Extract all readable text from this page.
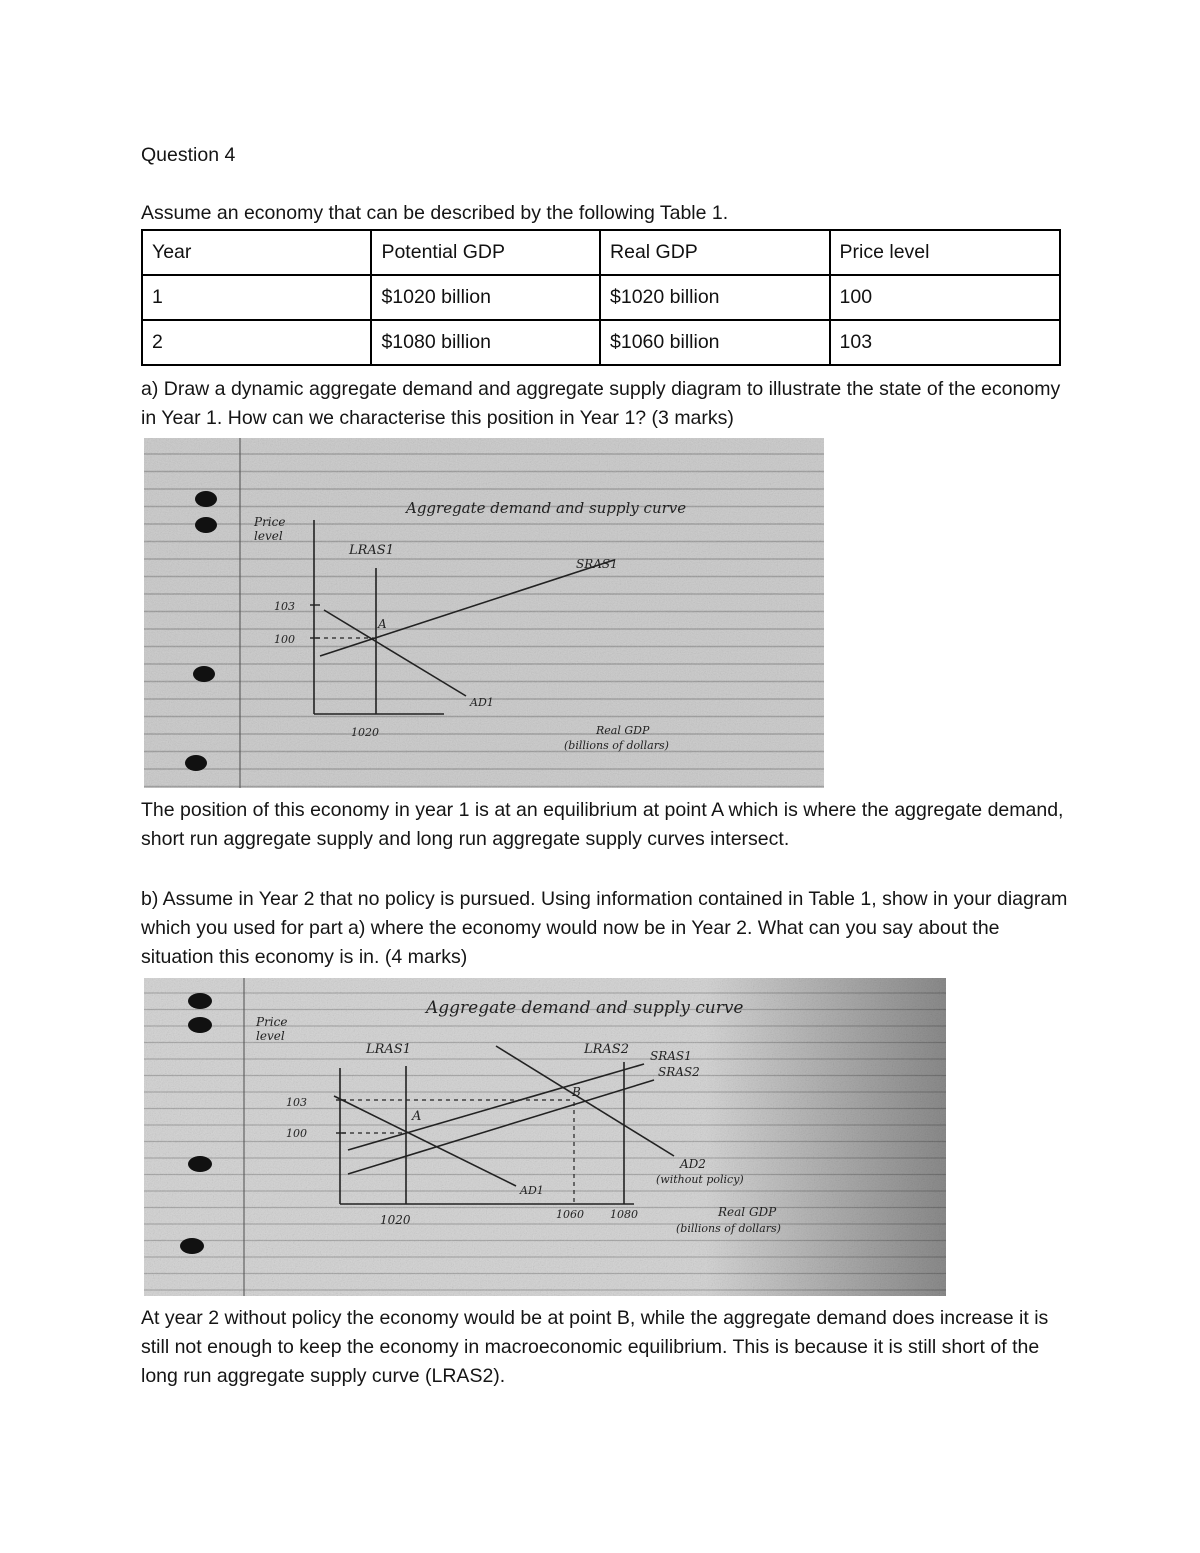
Question 4
Assume an economy that can be described by the following Table 1.
Year	Potential GDP	Real GDP	Price level
1	$1020 billion	$1020 billion	100
2	$1080 billion	$1060 billion	103
a) Draw a dynamic aggregate demand and aggregate supply diagram to illustrate the state of the economy in Year 1. How can we characterise this position in Year 1? (3 marks)
Aggregate demand and supply curve
Price
level
LRAS1
SRAS1
AD1
103
100
A
1020	Real GDP
(billions of dollars)
The position of this economy in year 1 is at an equilibrium at point A which is where the aggregate demand, short run aggregate supply and long run aggregate supply curves intersect.
b) Assume in Year 2 that no policy is pursued. Using information contained in Table 1, show in your diagram which you used for part a) where the economy would now be in Year 2. What can you say about the situation this economy is in. (4 marks)
Aggregate demand and supply curve
Price
level
LRAS1	LRAS2 SRAS1
SRAS2
AD1
AD2
(without policy)
103
100
A
B
1020	1060 1080	Real GDP
(billions of dollars)
At year 2 without policy the economy would be at point B, while the aggregate demand does increase it is still not enough to keep the economy in macroeconomic equilibrium. This is because it is still short of the long run aggregate supply curve (LRAS2).
